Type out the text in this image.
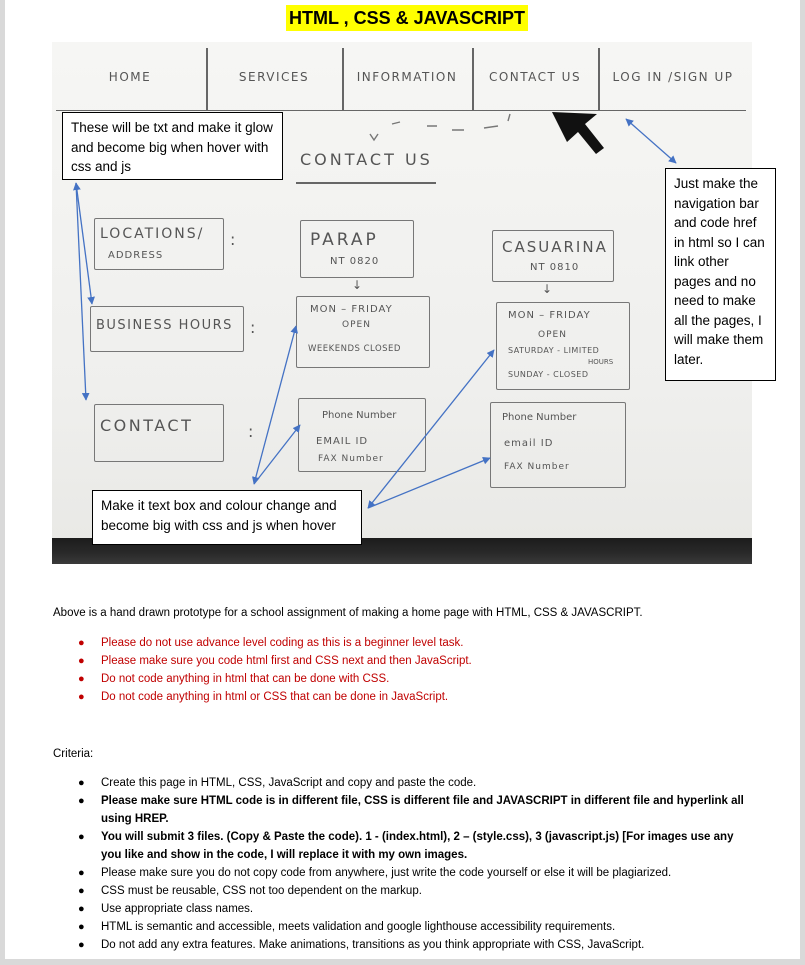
HTML , CSS & JAVASCRIPT
HOME	SERVICES	INFORMATION	CONTACT US	LOG IN /SIGN UP
CONTACT US
LOCATIONS/
ADDRESS
:
BUSINESS HOURS :
CONTACT	:
PARAP
NT 0820
↓
MON – FRIDAY
OPEN
WEEKENDS CLOSED
Phone Number
EMAIL ID
FAX Number
CASUARINA
NT 0810
↓
MON – FRIDAY
OPEN
SATURDAY - LIMITED
HOURS
SUNDAY - CLOSED
Phone Number
email ID
FAX Number
These will be txt and make it glow and become big when hover with css and js
Just make the navigation bar and code href in html so I can link other pages and no need to make all the pages, I will make them later.
Make it text box and colour change and become big with css and js when hover
Above is a hand drawn prototype for a school assignment of making a home page with HTML, CSS & JAVASCRIPT.
● Please do not use advance level coding as this is a beginner level task.
● Please make sure you code html first and CSS next and then JavaScript.
● Do not code anything in html that can be done with CSS.
● Do not code anything in html or CSS that can be done in JavaScript.
Criteria:
● Create this page in HTML, CSS, JavaScript and copy and paste the code.
● Please make sure HTML code is in different file, CSS is different file and JAVASCRIPT in different file and hyperlink all using HREP.
● You will submit 3 files. (Copy & Paste the code). 1 - (index.html), 2 – (style.css), 3 (javascript.js) [For images use any you like and show in the code, I will replace it with my own images.
● Please make sure you do not copy code from anywhere, just write the code yourself or else it will be plagiarized.
● CSS must be reusable, CSS not too dependent on the markup.
● Use appropriate class names.
● HTML is semantic and accessible, meets validation and google lighthouse accessibility requirements.
● Do not add any extra features. Make animations, transitions as you think appropriate with CSS, JavaScript.
